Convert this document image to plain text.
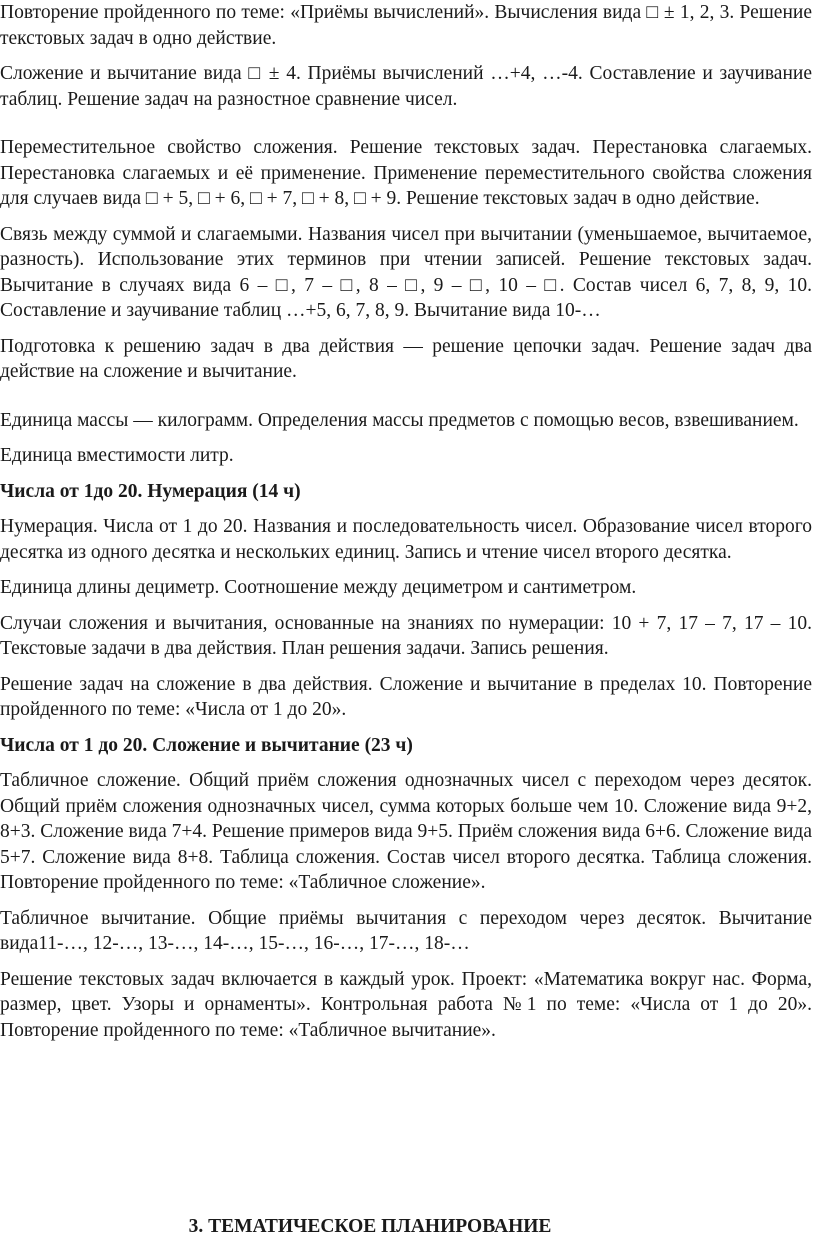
Повторение пройденного по теме: «Приёмы вычислений». Вычисления вида □ ± 1, 2, 3. Решение текстовых задач в одно действие.

Сложение и вычитание вида □ ± 4. Приёмы вычислений …+4, …-4. Составление и заучивание таблиц. Решение задач на разностное сравнение чисел.

Переместительное свойство сложения. Решение текстовых задач. Перестановка слагаемых. Перестановка слагаемых и её применение. Применение переместительного свойства сложения для случаев вида □ + 5, □ + 6, □ + 7, □ + 8, □ + 9. Решение текстовых задач в одно действие.

Связь между суммой и слагаемыми. Названия чисел при вычитании (уменьшаемое, вычитаемое, разность). Использование этих терминов при чтении записей. Решение текстовых задач. Вычитание в случаях вида 6 – □, 7 – □, 8 – □, 9 – □, 10 – □. Состав чисел 6, 7, 8, 9, 10. Составление и заучивание таблиц …+5, 6, 7, 8, 9. Вычитание вида 10-…

Подготовка к решению задач в два действия — решение цепочки задач. Решение задач два действие на сложение и вычитание.

Единица массы — килограмм. Определения массы предметов с помощью весов, взвешиванием.

Единица вместимости литр.

Числа от 1до 20. Нумерация (14 ч)

Нумерация. Числа от 1 до 20. Названия и последовательность чисел. Образование чисел второго десятка из одного десятка и нескольких единиц. Запись и чтение чисел второго десятка.

Единица длины дециметр. Соотношение между дециметром и сантиметром.

Случаи сложения и вычитания, основанные на знаниях по нумерации: 10 + 7, 17 – 7, 17 – 10. Текстовые задачи в два действия. План решения задачи. Запись решения.

Решение задач на сложение в два действия. Сложение и вычитание в пределах 10. Повторение пройденного по теме: «Числа от 1 до 20».

Числа от 1 до 20. Сложение и вычитание (23 ч)

Табличное сложение. Общий приём сложения однозначных чисел с переходом через десяток. Общий приём сложения однозначных чисел, сумма которых больше чем 10. Сложение вида 9+2, 8+3. Сложение вида 7+4. Решение примеров вида 9+5. Приём сложения вида 6+6. Сложение вида 5+7. Сложение вида 8+8. Таблица сложения. Состав чисел второго десятка. Таблица сложения. Повторение пройденного по теме: «Табличное сложение».

Табличное вычитание. Общие приёмы вычитания с переходом через десяток. Вычитание вида11-…, 12-…, 13-…, 14-…, 15-…, 16-…, 17-…, 18-…

Решение текстовых задач включается в каждый урок. Проект: «Математика вокруг нас. Форма, размер, цвет. Узоры и орнаменты». Контрольная работа №1 по теме: «Числа от 1 до 20». Повторение пройденного по теме: «Табличное вычитание».

3. ТЕМАТИЧЕСКОЕ ПЛАНИРОВАНИЕ
